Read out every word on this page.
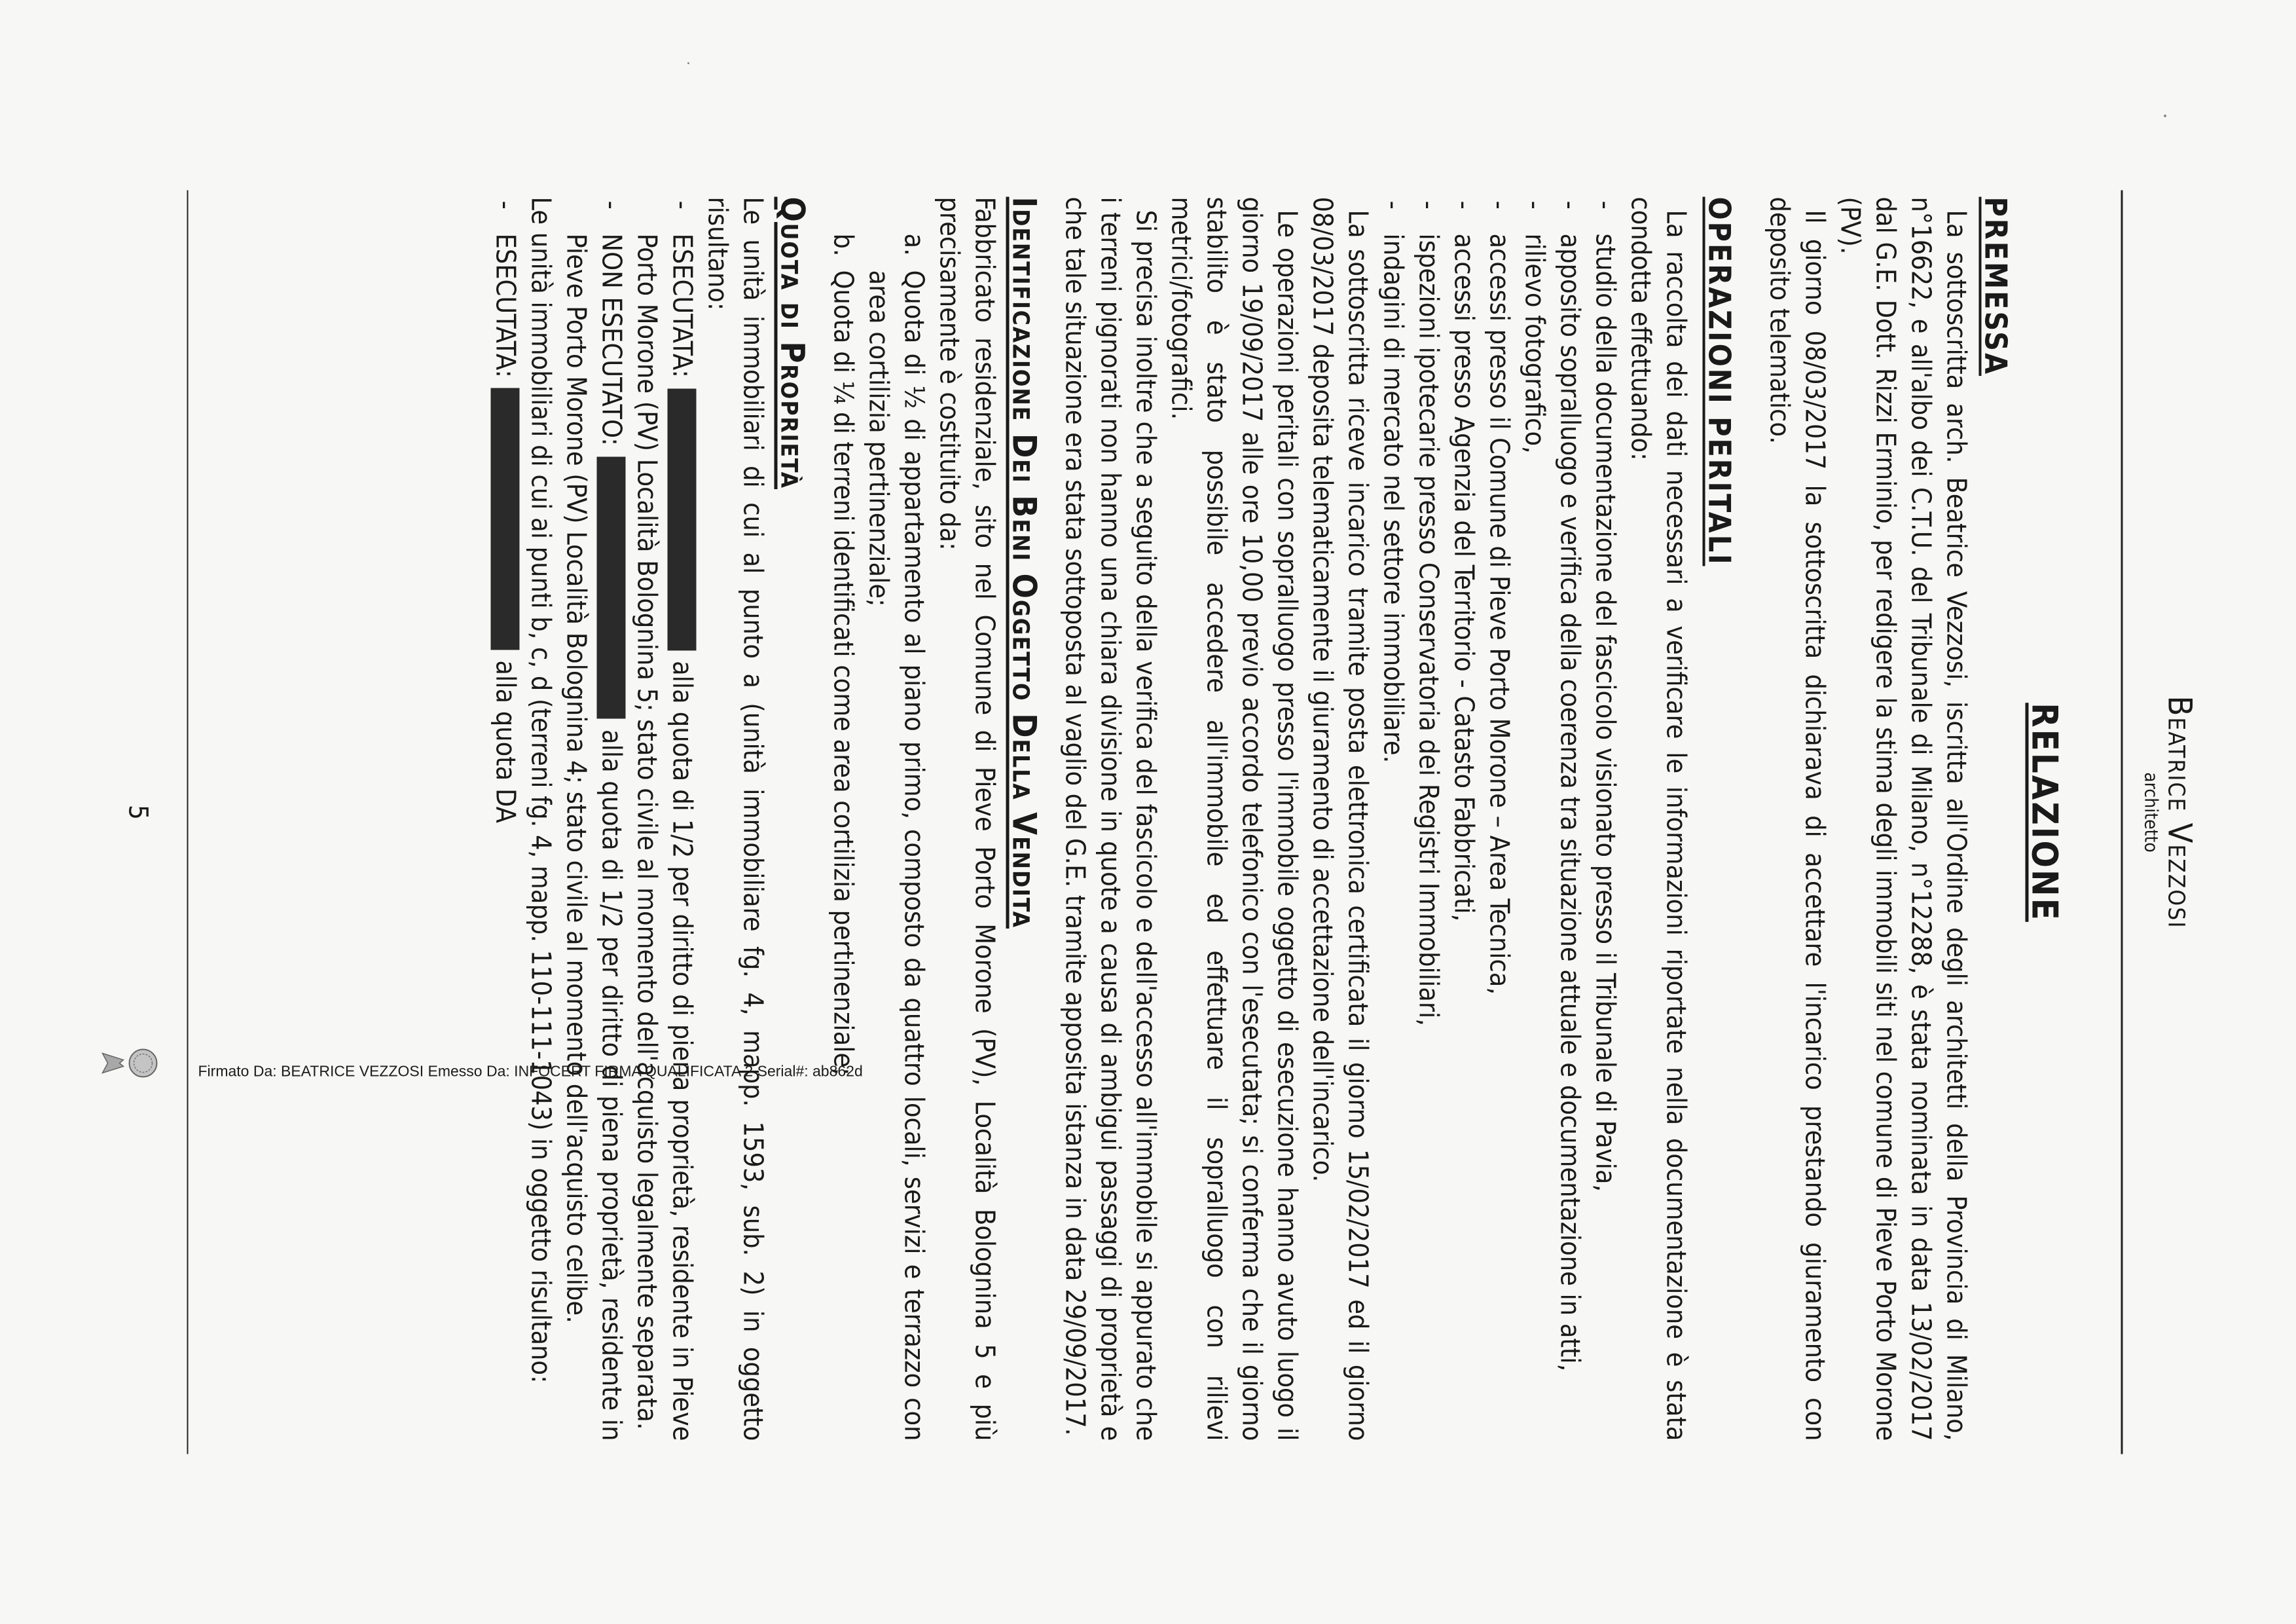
Beatrice Vezzosi
architetto
RELAZIONE
PREMESSA

La sottoscritta arch. Beatrice Vezzosi, iscritta all'Ordine degli architetti della Provincia di Milano, n°16622, e all'albo dei C.T.U. del Tribunale di Milano, n°12288, è stata nominata in data 13/02/2017 dal G.E. Dott. Rizzi Erminio, per redigere la stima degli immobili siti nel comune di Pieve Porto Morone (PV).

Il giorno 08/03/2017 la sottoscritta dichiarava di accettare l'incarico prestando giuramento con deposito telematico.

OPERAZIONI PERITALI

La raccolta dei dati necessari a verificare le informazioni riportate nella documentazione è stata condotta effettuando:

- studio della documentazione del fascicolo visionato presso il Tribunale di Pavia,
- apposito sopralluogo e verifica della coerenza tra situazione attuale e documentazione in atti,
- rilievo fotografico,
- accessi presso il Comune di Pieve Porto Morone – Area Tecnica,
- accessi presso Agenzia del Territorio - Catasto Fabbricati,
- ispezioni ipotecarie presso Conservatoria dei Registri Immobiliari,
- indagini di mercato nel settore immobiliare.

La sottoscritta riceve incarico tramite posta elettronica certificata il giorno 15/02/2017 ed il giorno 08/03/2017 deposita telematicamente il giuramento di accettazione dell'incarico.

Le operazioni peritali con sopralluogo presso l'immobile oggetto di esecuzione hanno avuto luogo il giorno 19/09/2017 alle ore 10,00 previo accordo telefonico con l'esecutata; si conferma che il giorno stabilito è stato possibile accedere all'immobile ed effettuare il sopralluogo con rilievi metrici/fotografici.

Si precisa inoltre che a seguito della verifica del fascicolo e dell'accesso all'immobile si appurato che i terreni pignorati non hanno una chiara divisione in quote a causa di ambigui passaggi di proprietà e che tale situazione era stata sottoposta al vaglio del G.E. tramite apposita istanza in data 29/09/2017.

Identificazione Dei Beni Oggetto Della Vendita

Fabbricato residenziale, sito nel Comune di Pieve Porto Morone (PV), Località Bolognina 5 e più precisamente è costituito da:

a.
Quota di ½ di appartamento al piano primo, composto da quattro locali, servizi e terrazzo con area cortilizia pertinenziale;
b.
Quota di ¼ di terreni identificati come area cortilizia pertinenziale;
Quota di Proprietà

Le unità immobiliari di cui al punto a (unità immobiliare fg. 4, mapp. 1593, sub. 2) in oggetto risultano:

- ESECUTATA:  alla quota di 1/2 per diritto di piena proprietà, residente in Pieve Porto Morone (PV) Località Bolognina 5; stato civile al momento dell'acquisto legalmente separata.
- NON ESECUTATO:  alla quota di 1/2 per diritto di piena proprietà, residente in Pieve Porto Morone (PV) Località Bolognina 4; stato civile al momento dell'acquisto celibe.

Le unità immobiliari di cui ai punti b, c, d (terreni fg. 4, mapp. 110-111-1043) in oggetto risultano:

- ESECUTATA:  alla quota DA
5
Firmato Da: BEATRICE VEZZOSI Emesso Da: INFOCERT FIRMA QUALIFICATA 2 Serial#: ab862d
